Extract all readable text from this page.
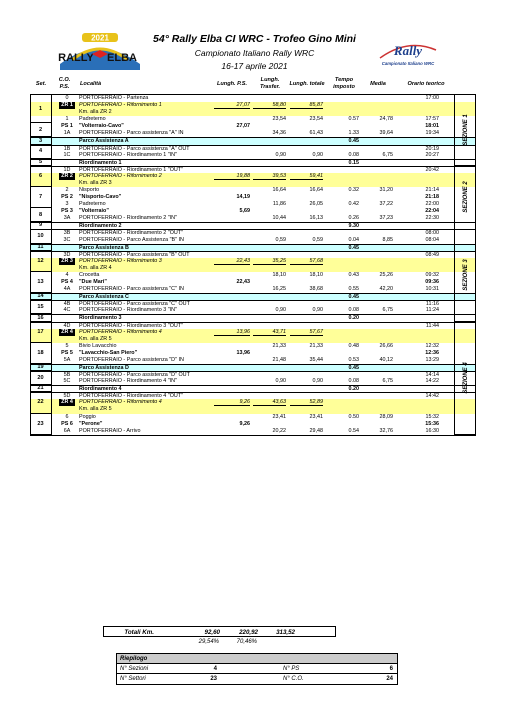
2021
RALLY ELBA	Rally
Campionato Italiano WRC
54° Rally Elba CI WRC - Trofeo Gino Mini
Campionato Italiano Rally WRC
16-17 aprile 2021
Set.
C.O. P.S.	Località	Lungh. P.S.
Lungh. Trasfer.	Lungh. totale
Tempo imposto	Media	Orario teorico
0	PORTOFERRAIO - Partenza	17:00
ZR 1	PORTOFERRAIO - Rifornimento 1	27,07	58,80	85,87
Km. alla ZR 2
1	Padreterno	23,54	23,54	0.57	24,78	17:57
PS 1	"Volterraio-Cavo"	27,07	18:01
1A	PORTOFERRAIO - Parco assistenza "A" IN	34,36	61,43	1.33	39,64	19:34
Parco Assistenza A	0.45
1B	PORTOFERRAIO - Parco assistenza "A" OUT	20:19
1C	PORTOFERRAIO - Riordinamento 1 "IN"	0,90	0,90	0.08	6,75	20:27
Riordinamento 1	0.15
1D	PORTOFERRAIO - Riordinamento 1 "OUT"	20:42
ZR 2	PORTOFERRAIO - Rifornimento 2	19,88	39,53	59,41
Km. alla ZR 3
2	Nisporto	16,64	16,64	0.32	31,20	21:14
PS 2	"Nisporto-Cavo"	14,19	21:18
3	Padreterno	11,86	26,05	0.42	37,22	22:00
PS 3	"Volterraio"	5,69	22:04
3A	PORTOFERRAIO - Riordinamento 2 "IN"	10,44	16,13	0.26	37,23	22:30
Riordinamento 2	9.30
3B	PORTOFERRAIO - Riordinamento 2 "OUT"	08:00
3C	PORTOFERRAIO - Parco Assistenza "B" IN	0,59	0,59	0.04	8,85	08:04
Parco Assistenza B	0.45
3D	PORTOFERRAIO - Parco assistenza "B" OUT	08:49
ZR 3	PORTOFERRAIO - Rifornimento 3	22,43	35,25	57,68
Km. alla ZR 4
4	Crocetta	18,10	18,10	0.43	25,26	09:32
PS 4	"Due Mari"	22,43	09:36
4A	PORTOFERRAIO - Parco assistenza "C" IN	16,25	38,68	0.55	42,20	10:31
Parco Assistenza C	0.45
4B	PORTOFERRAIO - Parco assistenza "C" OUT	11:16
4C	PORTOFERRAIO - Riordinamento 3 "IN"	0,90	0,90	0.08	6,75	11:24
Riordinamento 3	0.20
4D	PORTOFERRAIO - Riordinamento 3 "OUT"	11:44
ZR 4	PORTOFERRAIO - Rifornimento 4	13,96	43,71	57,67
Km. alla ZR 5
5	Bivio Lavacchio	21,33	21,33	0.48	26,66	12:32
PS 5	"Lavacchio-San Piero"	13,96	12:36
5A	PORTOFERRAIO - Parco assistenza "D" IN	21,48	35,44	0.53	40,12	13:29
Parco Assistenza D	0.45
5B	PORTOFERRAIO - Parco assistenza "D" OUT	14:14
5C	PORTOFERRAIO - Riordinamento 4 "IN"	0,90	0,90	0.08	6,75	14:22
Riordinamento 4	0.20
5D	PORTOFERRAIO - Riordinamento 4 "OUT"	14:42
ZR 4	PORTOFERRAIO - Rifornimento 4	9,26	43,63	52,89
Km. alla ZR 5
6	Poggio	23,41	23,41	0.50	28,09	15:32
PS 6	"Perone"	9,26	15:36
6A	PORTOFERRAIO - Arrivo	20,22	29,48	0.54	32,76	16:30
Totali Km.	92,60	220,92	313,52
29,54%	70,46%
Riepilogo
N° Sezioni	4	N° PS	6
N° Settori	23	N° C.O.	24
1
2
3
4
5
6
7
8
9
10
11
12
13
14
15
16
17
18
19
20
21
22
23
SEZIONE 1
SEZIONE 2
SEZIONE 3
SEZIONE 4
